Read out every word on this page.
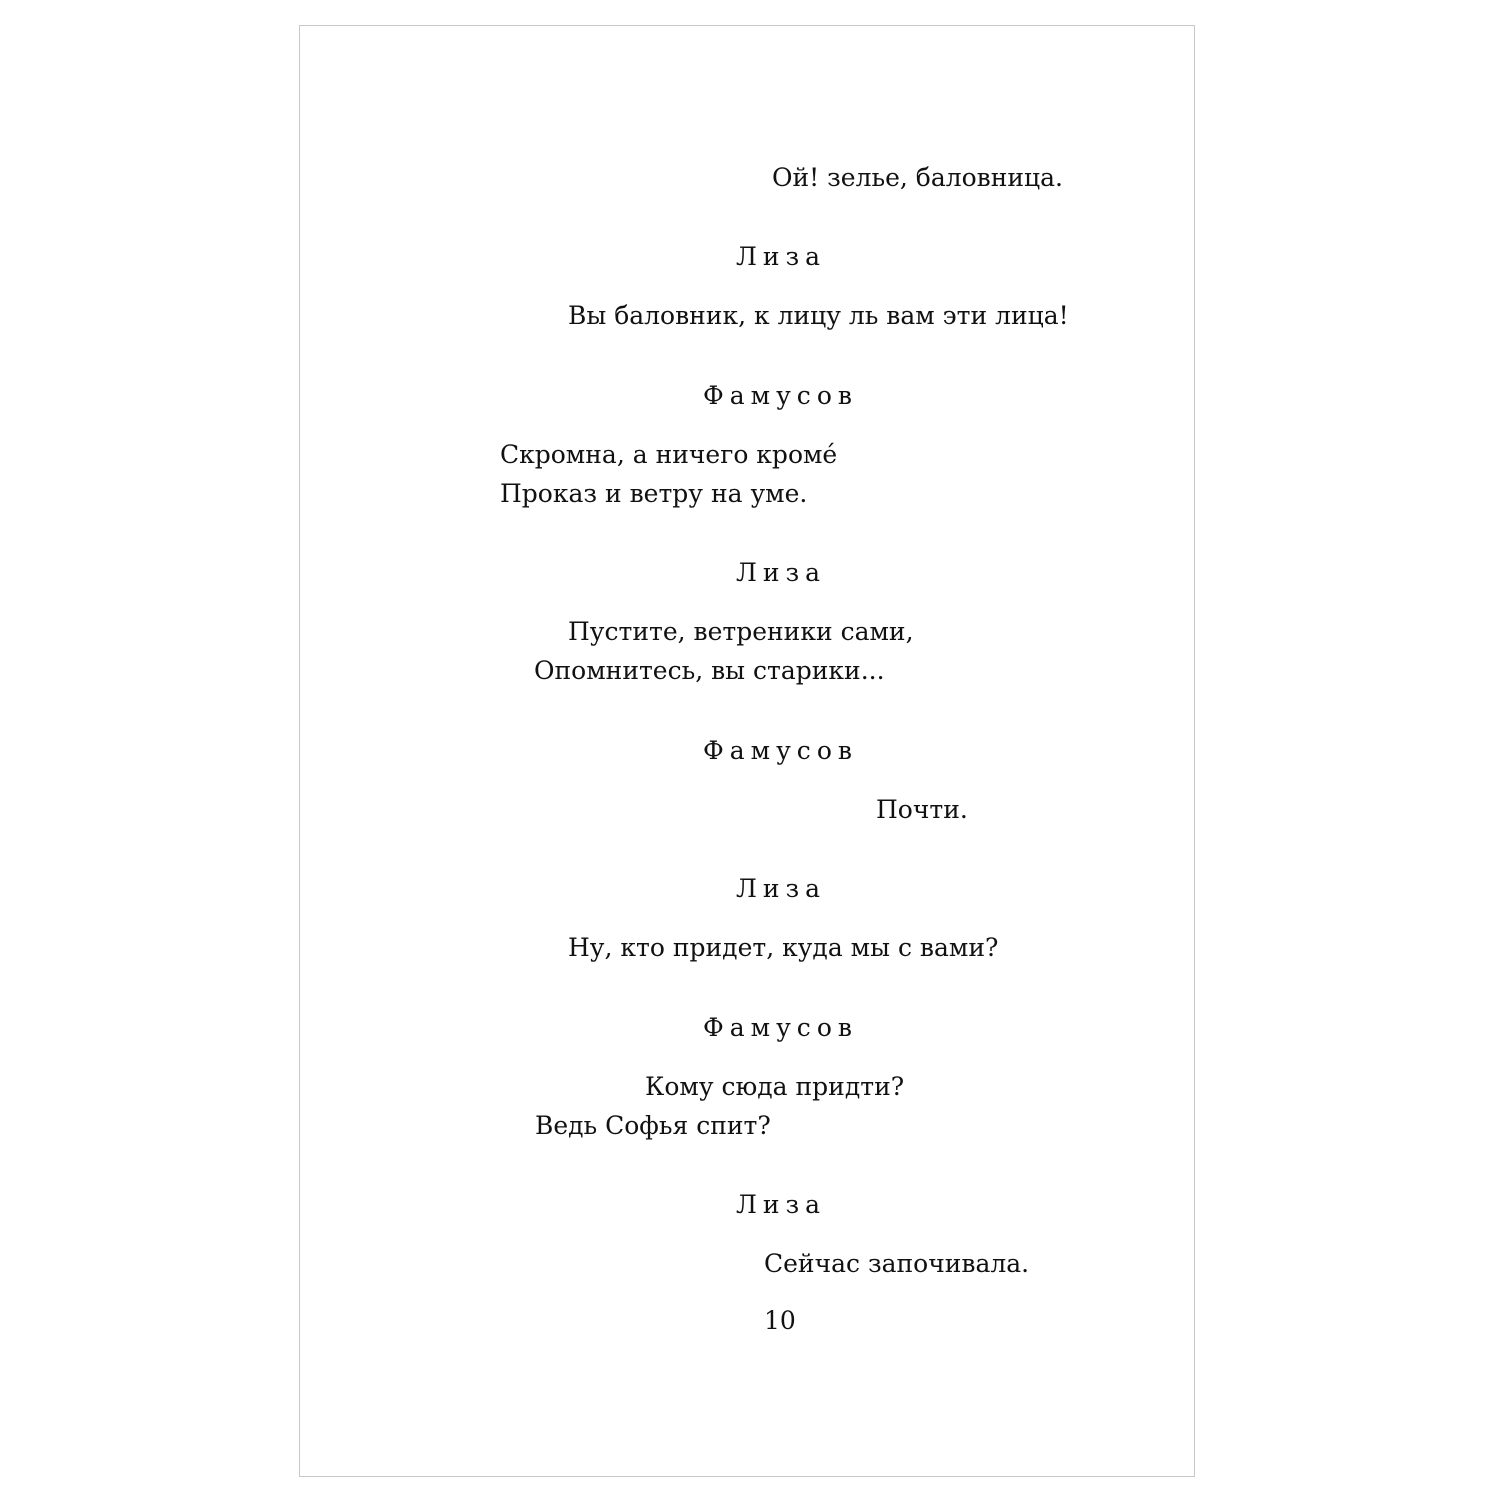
Ой! зелье, баловница.
Лиза
Вы баловник, к лицу ль вам эти лица!
Фамусов
Скромна, а ничего кромé
Проказ и ветру на уме.
Лиза
Пустите, ветреники сами,
Опомнитесь, вы старики...
Фамусов
Почти.
Лиза
Ну, кто придет, куда мы с вами?
Фамусов
Кому сюда придти?
Ведь Софья спит?
Лиза
Сейчас започивала.
10
